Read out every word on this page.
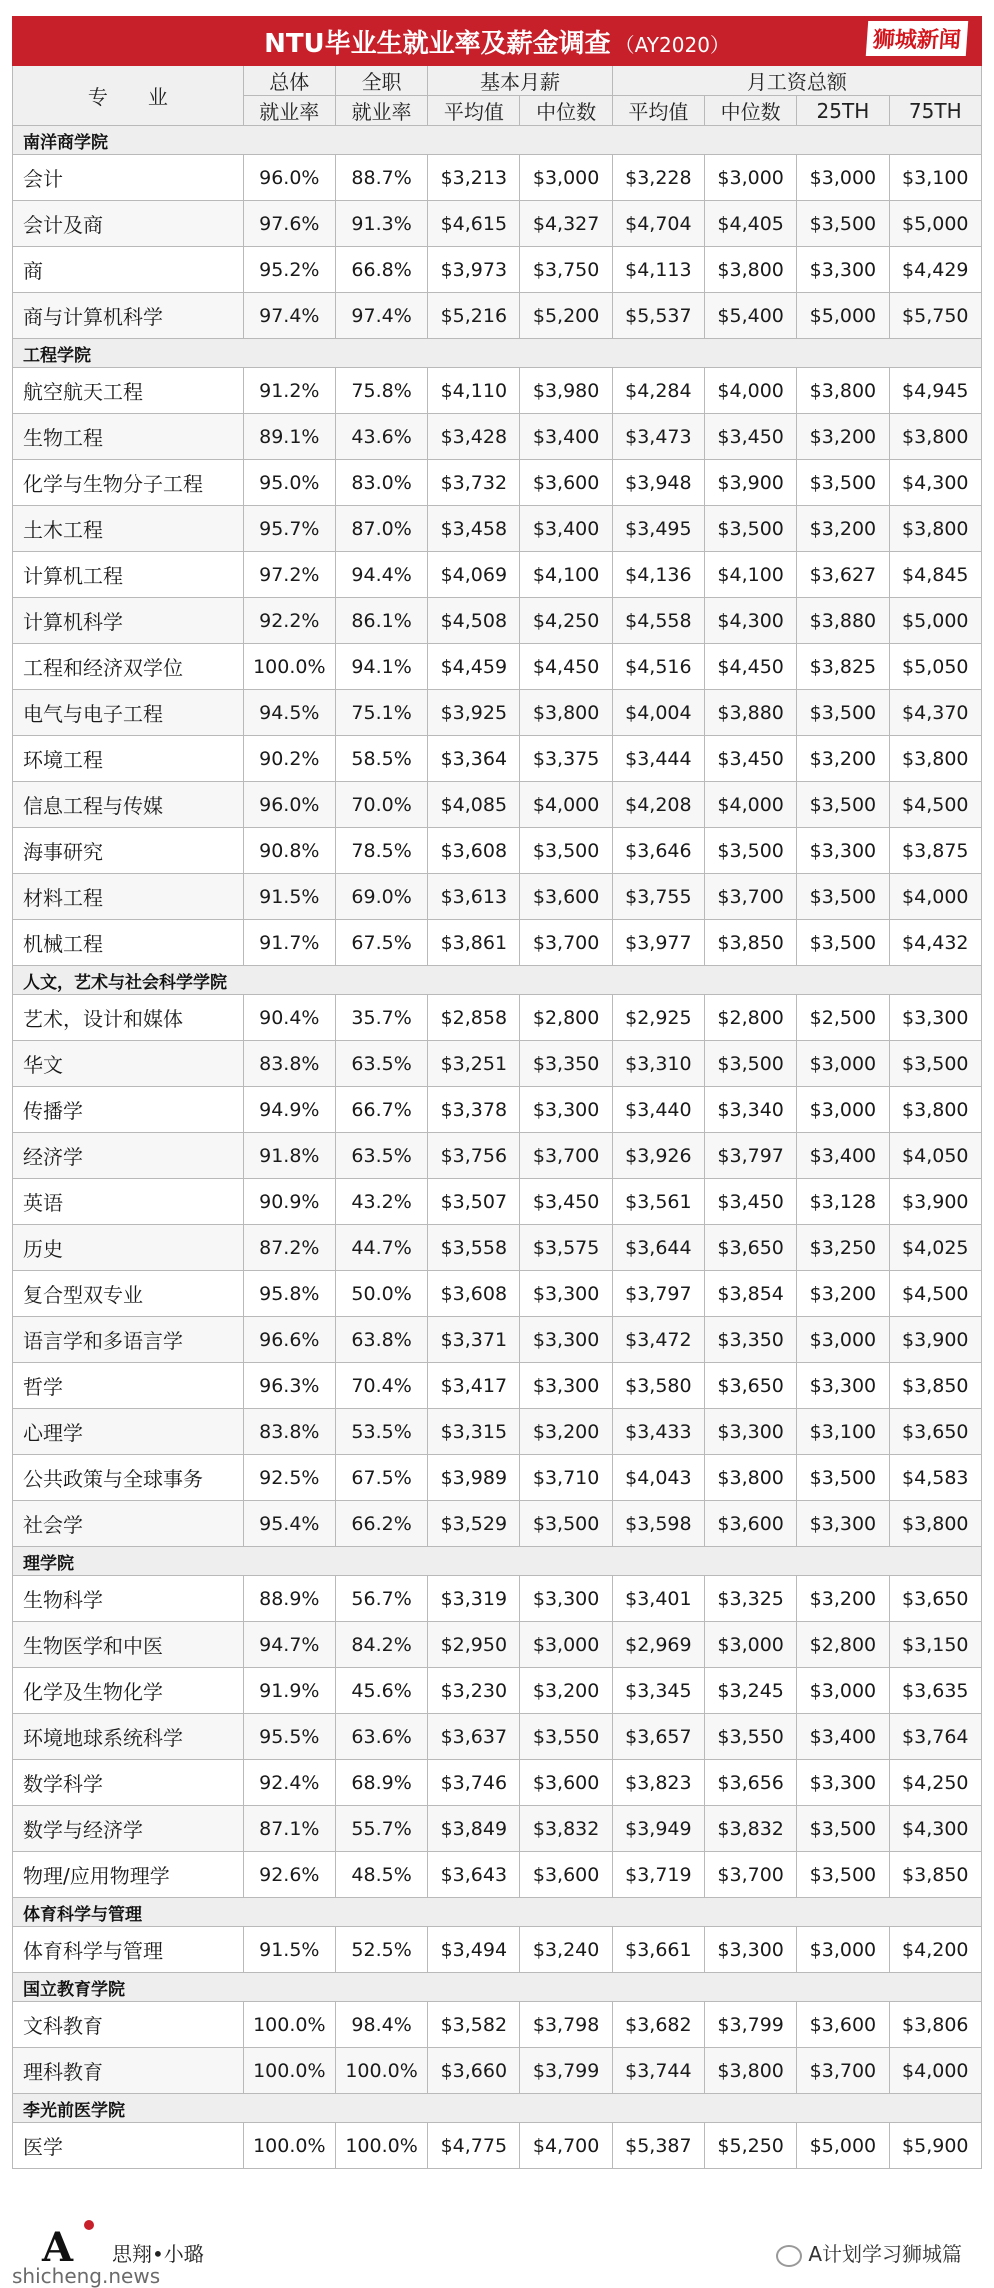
NTU毕业生就业率及薪金调查 （AY2020） 狮城新闻								

专　　业	总体	全职	基本月薪		月工资总额			
	就业率	就业率	平均值	中位数	平均值	中位数	25TH	75TH
南洋商学院								
会计	96.0%	88.7%	$3,213	$3,000	$3,228	$3,000	$3,000	$3,100
会计及商	97.6%	91.3%	$4,615	$4,327	$4,704	$4,405	$3,500	$5,000
商	95.2%	66.8%	$3,973	$3,750	$4,113	$3,800	$3,300	$4,429
商与计算机科学	97.4%	97.4%	$5,216	$5,200	$5,537	$5,400	$5,000	$5,750
工程学院								
航空航天工程	91.2%	75.8%	$4,110	$3,980	$4,284	$4,000	$3,800	$4,945
生物工程	89.1%	43.6%	$3,428	$3,400	$3,473	$3,450	$3,200	$3,800
化学与生物分子工程	95.0%	83.0%	$3,732	$3,600	$3,948	$3,900	$3,500	$4,300
土木工程	95.7%	87.0%	$3,458	$3,400	$3,495	$3,500	$3,200	$3,800
计算机工程	97.2%	94.4%	$4,069	$4,100	$4,136	$4,100	$3,627	$4,845
计算机科学	92.2%	86.1%	$4,508	$4,250	$4,558	$4,300	$3,880	$5,000
工程和经济双学位	100.0%	94.1%	$4,459	$4,450	$4,516	$4,450	$3,825	$5,050
电气与电子工程	94.5%	75.1%	$3,925	$3,800	$4,004	$3,880	$3,500	$4,370
环境工程	90.2%	58.5%	$3,364	$3,375	$3,444	$3,450	$3,200	$3,800
信息工程与传媒	96.0%	70.0%	$4,085	$4,000	$4,208	$4,000	$3,500	$4,500
海事研究	90.8%	78.5%	$3,608	$3,500	$3,646	$3,500	$3,300	$3,875
材料工程	91.5%	69.0%	$3,613	$3,600	$3,755	$3,700	$3,500	$4,000
机械工程	91.7%	67.5%	$3,861	$3,700	$3,977	$3,850	$3,500	$4,432
人文，艺术与社会科学学院								
艺术，设计和媒体	90.4%	35.7%	$2,858	$2,800	$2,925	$2,800	$2,500	$3,300
华文	83.8%	63.5%	$3,251	$3,350	$3,310	$3,500	$3,000	$3,500
传播学	94.9%	66.7%	$3,378	$3,300	$3,440	$3,340	$3,000	$3,800
经济学	91.8%	63.5%	$3,756	$3,700	$3,926	$3,797	$3,400	$4,050
英语	90.9%	43.2%	$3,507	$3,450	$3,561	$3,450	$3,128	$3,900
历史	87.2%	44.7%	$3,558	$3,575	$3,644	$3,650	$3,250	$4,025
复合型双专业	95.8%	50.0%	$3,608	$3,300	$3,797	$3,854	$3,200	$4,500
语言学和多语言学	96.6%	63.8%	$3,371	$3,300	$3,472	$3,350	$3,000	$3,900
哲学	96.3%	70.4%	$3,417	$3,300	$3,580	$3,650	$3,300	$3,850
心理学	83.8%	53.5%	$3,315	$3,200	$3,433	$3,300	$3,100	$3,650
公共政策与全球事务	92.5%	67.5%	$3,989	$3,710	$4,043	$3,800	$3,500	$4,583
社会学	95.4%	66.2%	$3,529	$3,500	$3,598	$3,600	$3,300	$3,800
理学院								
生物科学	88.9%	56.7%	$3,319	$3,300	$3,401	$3,325	$3,200	$3,650
生物医学和中医	94.7%	84.2%	$2,950	$3,000	$2,969	$3,000	$2,800	$3,150
化学及生物化学	91.9%	45.6%	$3,230	$3,200	$3,345	$3,245	$3,000	$3,635
环境地球系统科学	95.5%	63.6%	$3,637	$3,550	$3,657	$3,550	$3,400	$3,764
数学科学	92.4%	68.9%	$3,746	$3,600	$3,823	$3,656	$3,300	$4,250
数学与经济学	87.1%	55.7%	$3,849	$3,832	$3,949	$3,832	$3,500	$4,300
物理/应用物理学	92.6%	48.5%	$3,643	$3,600	$3,719	$3,700	$3,500	$3,850
体育科学与管理								
体育科学与管理	91.5%	52.5%	$3,494	$3,240	$3,661	$3,300	$3,000	$4,200
国立教育学院								
文科教育	100.0%	98.4%	$3,582	$3,798	$3,682	$3,799	$3,600	$3,806
理科教育	100.0%	100.0%	$3,660	$3,799	$3,744	$3,800	$3,700	$4,000
李光前医学院								
医学	100.0%	100.0%	$4,775	$4,700	$5,387	$5,250	$5,000	$5,900
A 思翔•小璐
shicheng.news
A计划学习狮城篇
